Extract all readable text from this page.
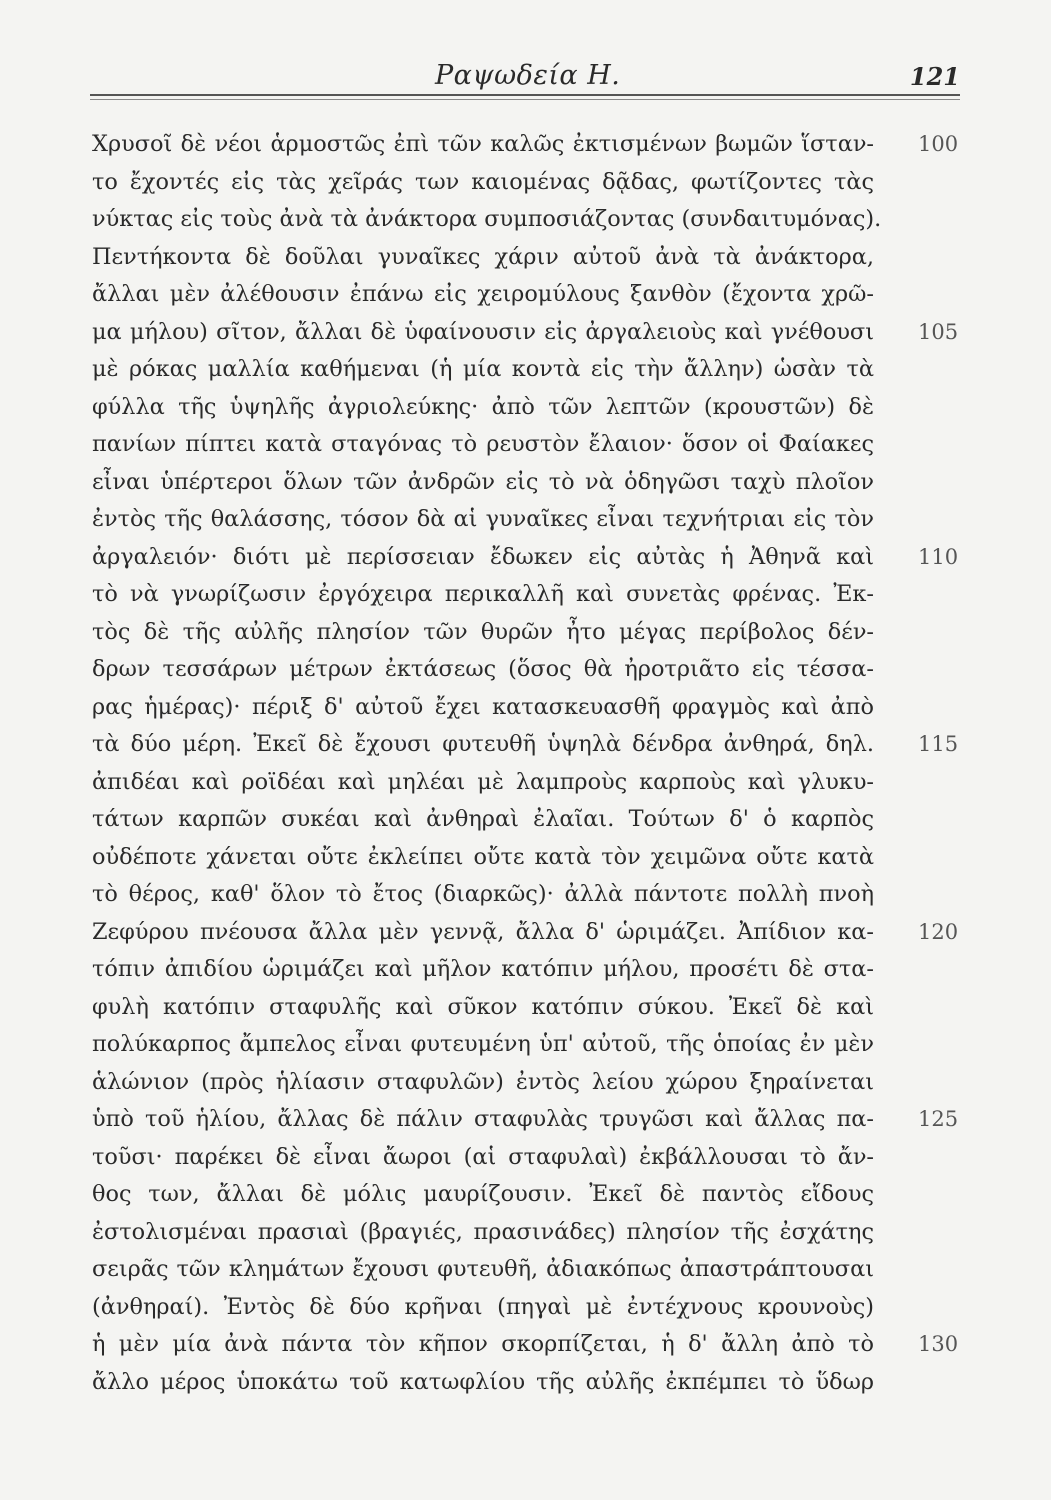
Ραψωδεία Η.	121
Χρυσοῖ δὲ νέοι ἁρμοστῶς ἐπὶ τῶν καλῶς ἐκτισμένων βωμῶν ἵσταν- 100
το ἔχοντές εἰς τὰς χεῖράς των καιομένας δᾷδας, φωτίζοντες τὰς
νύκτας εἰς τοὺς ἀνὰ τὰ ἀνάκτορα συμποσιάζοντας (συνδαιτυμόνας).
Πεντήκοντα δὲ δοῦλαι γυναῖκες χάριν αὐτοῦ ἀνὰ τὰ ἀνάκτορα,
ἄλλαι μὲν ἀλέθουσιν ἐπάνω εἰς χειρομύλους ξανθὸν (ἔχοντα χρῶ-
μα μήλου) σῖτον, ἄλλαι δὲ ὑφαίνουσιν εἰς ἀργαλειοὺς καὶ γνέθουσι 105
μὲ ρόκας μαλλία καθήμεναι (ἡ μία κοντὰ εἰς τὴν ἄλλην) ὡσὰν τὰ
φύλλα τῆς ὑψηλῆς ἀγριολεύκης· ἀπὸ τῶν λεπτῶν (κρουστῶν) δὲ
πανίων πίπτει κατὰ σταγόνας τὸ ρευστὸν ἔλαιον· ὅσον οἱ Φαίακες
εἶναι ὑπέρτεροι ὅλων τῶν ἀνδρῶν εἰς τὸ νὰ ὁδηγῶσι ταχὺ πλοῖον
ἐντὸς τῆς θαλάσσης, τόσον δὰ αἱ γυναῖκες εἶναι τεχνήτριαι εἰς τὸν
ἀργαλειόν· διότι μὲ περίσσειαν ἔδωκεν εἰς αὐτὰς ἡ Ἀθηνᾶ καὶ 110
τὸ νὰ γνωρίζωσιν ἐργόχειρα περικαλλῆ καὶ συνετὰς φρένας. Ἐκ-
τὸς δὲ τῆς αὐλῆς πλησίον τῶν θυρῶν ἦτο μέγας περίβολος δέν-
δρων τεσσάρων μέτρων ἐκτάσεως (ὅσος θὰ ἠροτριᾶτο εἰς τέσσα-
ρας ἡμέρας)· πέριξ δ' αὐτοῦ ἔχει κατασκευασθῆ φραγμὸς καὶ ἀπὸ
τὰ δύο μέρη. Ἐκεῖ δὲ ἔχουσι φυτευθῆ ὑψηλὰ δένδρα ἀνθηρά, δηλ. 115
ἀπιδέαι καὶ ροϊδέαι καὶ μηλέαι μὲ λαμπροὺς καρποὺς καὶ γλυκυ-
τάτων καρπῶν συκέαι καὶ ἀνθηραὶ ἐλαῖαι. Τούτων δ' ὁ καρπὸς
οὐδέποτε χάνεται οὔτε ἐκλείπει οὔτε κατὰ τὸν χειμῶνα οὔτε κατὰ
τὸ θέρος, καθ' ὅλον τὸ ἔτος (διαρκῶς)· ἀλλὰ πάντοτε πολλὴ πνοὴ
Ζεφύρου πνέουσα ἄλλα μὲν γεννᾷ, ἄλλα δ' ὡριμάζει. Ἀπίδιον κα- 120
τόπιν ἀπιδίου ὡριμάζει καὶ μῆλον κατόπιν μήλου, προσέτι δὲ στα-
φυλὴ κατόπιν σταφυλῆς καὶ σῦκον κατόπιν σύκου. Ἐκεῖ δὲ καὶ
πολύκαρπος ἄμπελος εἶναι φυτευμένη ὑπ' αὐτοῦ, τῆς ὁποίας ἐν μὲν
ἁλώνιον (πρὸς ἡλίασιν σταφυλῶν) ἐντὸς λείου χώρου ξηραίνεται
ὑπὸ τοῦ ἡλίου, ἄλλας δὲ πάλιν σταφυλὰς τρυγῶσι καὶ ἄλλας πα- 125
τοῦσι· παρέκει δὲ εἶναι ἄωροι (αἱ σταφυλαὶ) ἐκβάλλουσαι τὸ ἄν-
θος των, ἄλλαι δὲ μόλις μαυρίζουσιν. Ἐκεῖ δὲ παντὸς εἴδους
ἐστολισμέναι πρασιαὶ (βραγιές, πρασινάδες) πλησίον τῆς ἐσχάτης
σειρᾶς τῶν κλημάτων ἔχουσι φυτευθῆ, ἀδιακόπως ἀπαστράπτουσαι
(ἀνθηραί). Ἐντὸς δὲ δύο κρῆναι (πηγαὶ μὲ ἐντέχνους κρουνοὺς)
ἡ μὲν μία ἀνὰ πάντα τὸν κῆπον σκορπίζεται, ἡ δ' ἄλλη ἀπὸ τὸ 130
ἄλλο μέρος ὑποκάτω τοῦ κατωφλίου τῆς αὐλῆς ἐκπέμπει τὸ ὕδωρ
